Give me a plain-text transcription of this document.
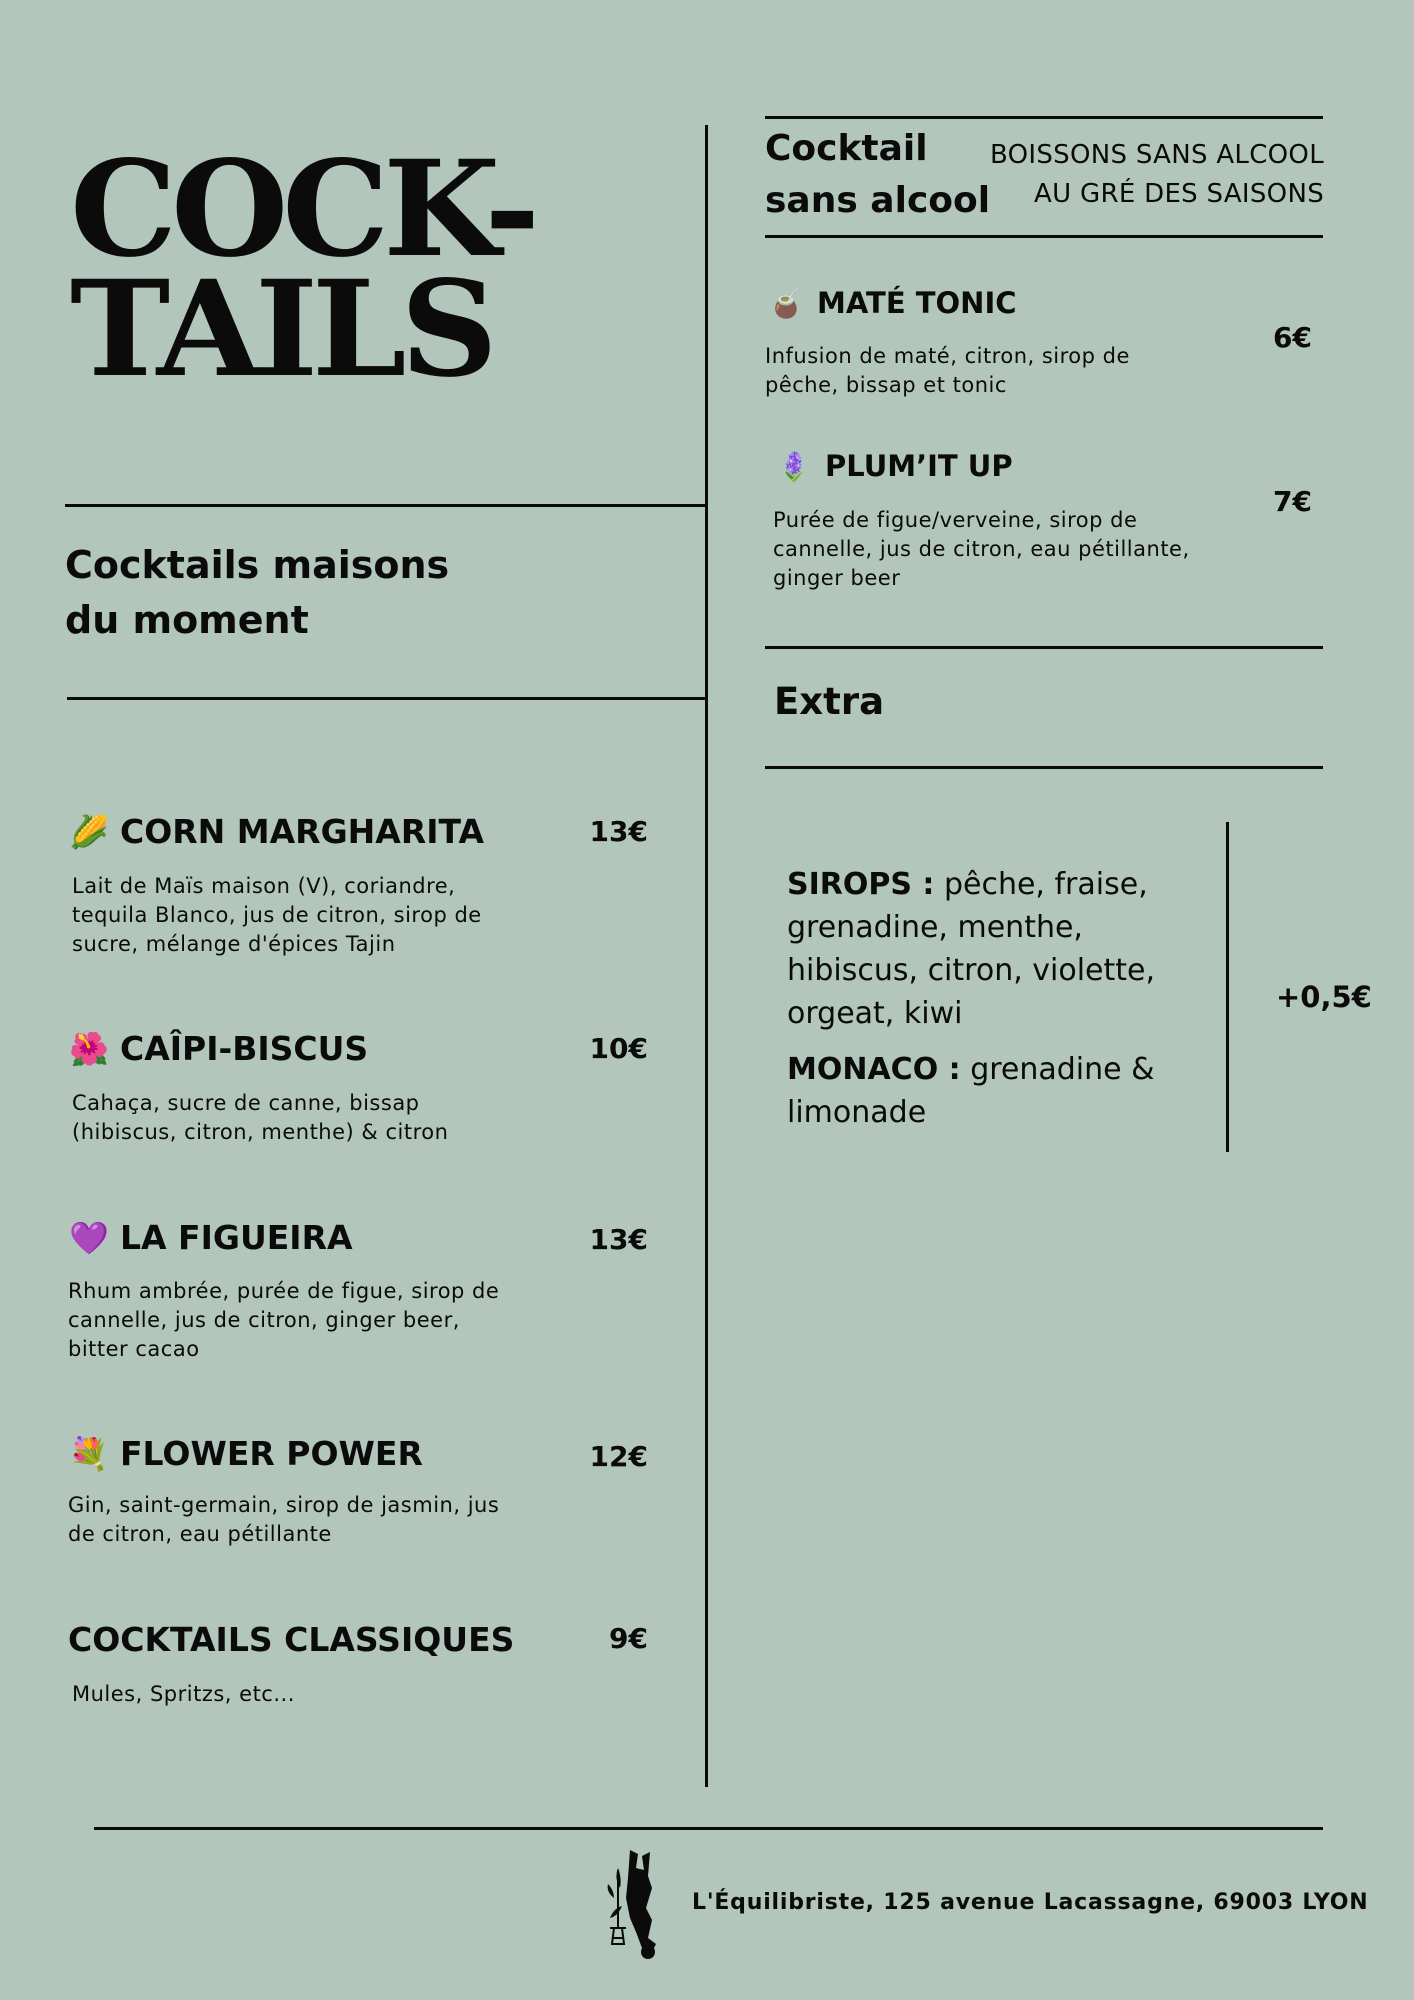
COCK-
TAILS
Cocktails maisons
du moment
🌽 CORN MARGHARITA	13€
Lait de Maïs maison (V), coriandre,
tequila Blanco, jus de citron, sirop de
sucre, mélange d'épices Tajin
🌺 CAÎPI-BISCUS	10€
Cahaça, sucre de canne, bissap
(hibiscus, citron, menthe) & citron
💜 LA FIGUEIRA	13€
Rhum ambrée, purée de figue, sirop de
cannelle, jus de citron, ginger beer,
bitter cacao
💐 FLOWER POWER	12€
Gin, saint-germain, sirop de jasmin, jus
de citron, eau pétillante
COCKTAILS CLASSIQUES	9€
Mules, Spritzs, etc...
Cocktail
sans alcool
BOISSONS SANS ALCOOL
AU GRÉ DES SAISONS
🧉 MATÉ TONIC
6€
Infusion de maté, citron, sirop de
pêche, bissap et tonic
🪻 PLUM’IT UP
7€
Purée de figue/verveine, sirop de
cannelle, jus de citron, eau pétillante,
ginger beer
Extra
SIROPS : pêche, fraise, grenadine, menthe, hibiscus, citron, violette, orgeat, kiwi
MONACO : grenadine & limonade
+0,5€
L'Équilibriste, 125 avenue Lacassagne, 69003 LYON
